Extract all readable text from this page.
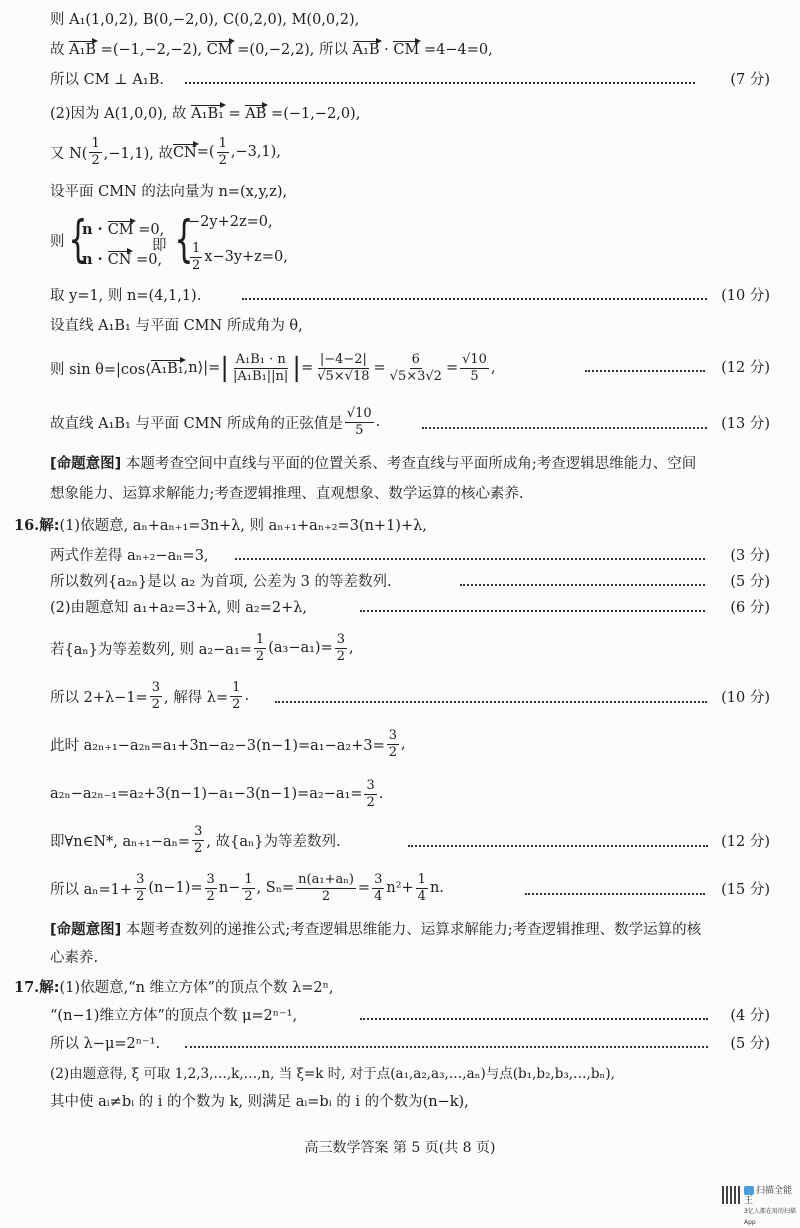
则 A₁(1,0,2), B(0,−2,0), C(0,2,0), M(0,0,2),
故 A₁B =(−1,−2,−2), CM =(0,−2,2), 所以 A₁B · CM =4−4=0,
所以 CM ⊥ A₁B.	(7 分)
(2)因为 A(1,0,0), 故 A₁B₁ = AB =(−1,−2,0),
又 $N( \frac{1}{2} ,-1,1)$, 故 CN =( $\frac{1}{2} ,-3,1$),
设平面 CMN 的法向量为 n=(x,y,z),
则 {
n · CM =0,
n · CN =0,
即 {
−2y+2z=0,
$\frac{1}{2} x-3y+z=0$,
取 y=1, 则 n=(4,1,1).	(10 分)
设直线 A₁B₁ 与平面 CMN 所成角为 θ,
则 sin θ=|cos⟨ A₁B₁ ,n⟩|= | $\frac{\text{A₁B₁ · n}}{\text{|A₁B₁||n|}}$ | = $\frac{|-4-2|}{√5\times√18} = \frac{6}{√5\times 3√2} = \frac{√10}{5}$ ,	(12 分)
故直线 A₁B₁ 与平面 CMN 所成角的正弦值是 $\frac{√10}{5}$ .	(13 分)
[命题意图] 本题考查空间中直线与平面的位置关系、考查直线与平面所成角;考查逻辑思维能力、空间
想象能力、运算求解能力;考查逻辑推理、直观想象、数学运算的核心素养.
16.解:(1)依题意, aₙ+aₙ₊₁=3n+λ, 则 aₙ₊₁+aₙ₊₂=3(n+1)+λ,
两式作差得 aₙ₊₂−aₙ=3,	(3 分)
所以数列{a₂ₙ}是以 a₂ 为首项, 公差为 3 的等差数列.	(5 分)
(2)由题意知 a₁+a₂=3+λ, 则 a₂=2+λ,	(6 分)
若{aₙ}为等差数列, 则 $a_2-a_1= \frac{1}{2} (a_3-a_1)= \frac{3}{2}$ ,
所以 $2+\lambda-1= \frac{3}{2}$ , 解得 $\lambda= \frac{1}{2}$ .	(10 分)
此时 $a_{2n+1}-a_{2n}=a_1+3n-a_2-3(n-1)=a_1-a_2+3= \frac{3}{2}$ ,
$a_{2n}-a_{2n-1}=a_2+3(n-1)-a_1-3(n-1)=a_2-a_1= \frac{3}{2}$ .
即∀n∈N*, $a_{n+1}-a_n= \frac{3}{2}$ , 故{aₙ}为等差数列.	(12 分)
所以 $a_n=1+ \frac{3}{2} (n-1)= \frac{3}{2} n- \frac{1}{2}$ , $S_n= \frac{\text{n(a₁+aₙ)}}{2} = \frac{3}{4} n^2+ \frac{1}{4} n$.	(15 分)
[命题意图] 本题考查数列的递推公式;考查逻辑思维能力、运算求解能力;考查逻辑推理、数学运算的核
心素养.
17.解:(1)依题意,“n 维立方体”的顶点个数 λ=2ⁿ,
“(n−1)维立方体”的顶点个数 μ=2ⁿ⁻¹,	(4 分)
所以 λ−μ=2ⁿ⁻¹.	(5 分)
(2)由题意得, ξ 可取 1,2,3,…,k,…,n, 当 ξ=k 时, 对于点(a₁,a₂,a₃,…,aₙ)与点(b₁,b₂,b₃,…,bₙ),
其中使 aᵢ≠bᵢ 的 i 的个数为 k, 则满足 aᵢ=bᵢ 的 i 的个数为(n−k),
高三数学答案 第 5 页(共 8 页)
扫描全能王
3亿人都在用的扫描App
